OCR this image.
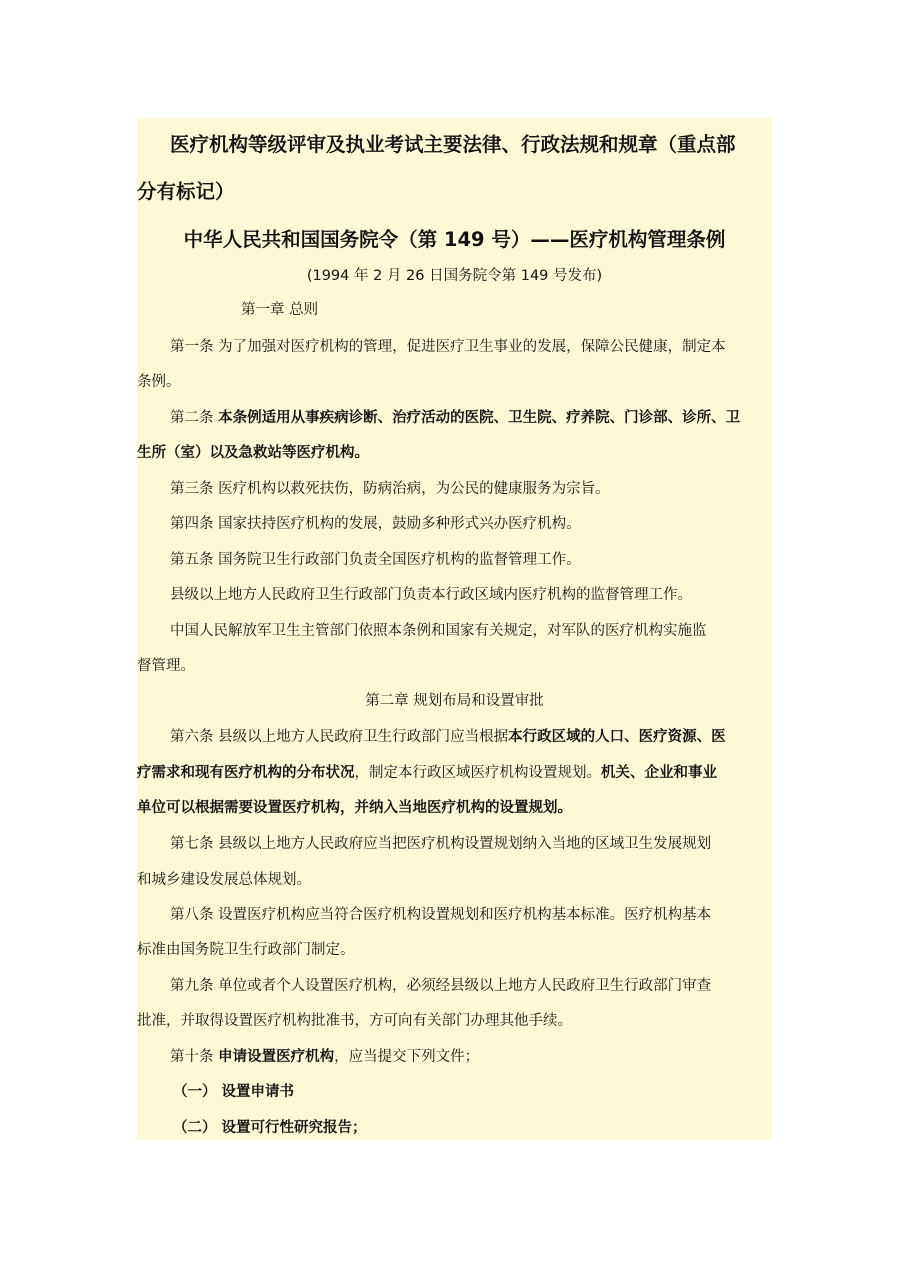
医疗机构等级评审及执业考试主要法律、行政法规和规章（重点部
分有标记）
中华人民共和国国务院令（第 149 号）——医疗机构管理条例
(1994 年 2 月 26 日国务院令第 149 号发布)
第一章 总则
第一条 为了加强对医疗机构的管理，促进医疗卫生事业的发展，保障公民健康，制定本
条例。
第二条 本条例适用从事疾病诊断、治疗活动的医院、卫生院、疗养院、门诊部、诊所、卫
生所（室）以及急救站等医疗机构。
第三条 医疗机构以救死扶伤，防病治病，为公民的健康服务为宗旨。
第四条 国家扶持医疗机构的发展，鼓励多种形式兴办医疗机构。
第五条 国务院卫生行政部门负责全国医疗机构的监督管理工作。
县级以上地方人民政府卫生行政部门负责本行政区域内医疗机构的监督管理工作。
中国人民解放军卫生主管部门依照本条例和国家有关规定，对军队的医疗机构实施监
督管理。
第二章 规划布局和设置审批
第六条 县级以上地方人民政府卫生行政部门应当根据本行政区域的人口、医疗资源、医
疗需求和现有医疗机构的分布状况，制定本行政区域医疗机构设置规划。机关、企业和事业
单位可以根据需要设置医疗机构，并纳入当地医疗机构的设置规划。
第七条 县级以上地方人民政府应当把医疗机构设置规划纳入当地的区域卫生发展规划
和城乡建设发展总体规划。
第八条 设置医疗机构应当符合医疗机构设置规划和医疗机构基本标准。医疗机构基本
标准由国务院卫生行政部门制定。
第九条 单位或者个人设置医疗机构，必须经县级以上地方人民政府卫生行政部门审查
批准，并取得设置医疗机构批准书，方可向有关部门办理其他手续。
第十条 申请设置医疗机构，应当提交下列文件；
（一） 设置申请书
（二） 设置可行性研究报告；
